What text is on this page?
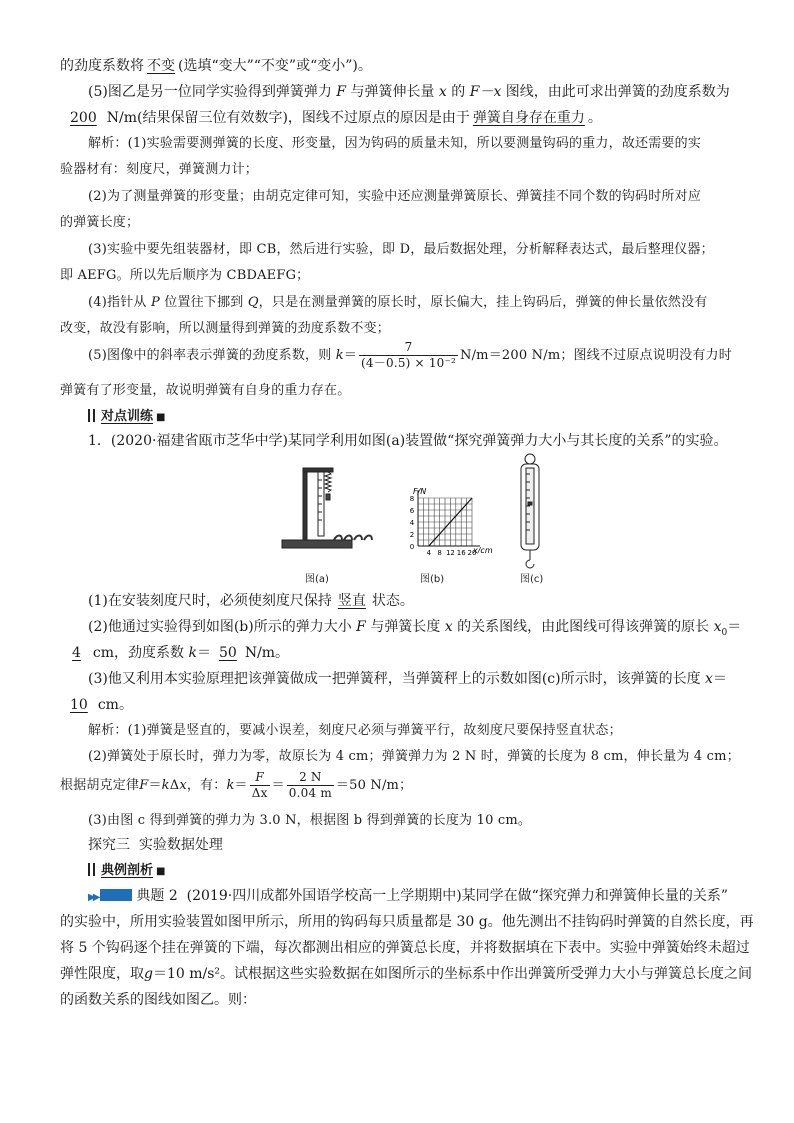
的劲度系数将 不变 (选填“变大”“不变”或“变小”)。
(5)图乙是另一位同学实验得到弹簧弹力 F 与弹簧伸长量 x 的 F－x 图线，由此可求出弹簧的劲度系数为
200 N/m(结果保留三位有效数字)，图线不过原点的原因是由于 弹簧自身存在重力 。
解析：(1)实验需要测弹簧的长度、形变量，因为钩码的质量未知，所以要测量钩码的重力，故还需要的实
验器材有：刻度尺，弹簧测力计；
(2)为了测量弹簧的形变量；由胡克定律可知，实验中还应测量弹簧原长、弹簧挂不同个数的钩码时所对应
的弹簧长度；
(3)实验中要先组装器材，即 CB，然后进行实验，即 D，最后数据处理，分析解释表达式，最后整理仪器；
即 AEFG。所以先后顺序为 CBDAEFG；
(4)指针从 P 位置往下挪到 Q，只是在测量弹簧的原长时，原长偏大，挂上钩码后，弹簧的伸长量依然没有
改变，故没有影响，所以测量得到弹簧的劲度系数不变；
(5)图像中的斜率表示弹簧的劲度系数，则 $k= \frac{7}{\text{(4－0.5) × 10⁻²}} N/m=200$ N/m；图线不过原点说明没有力时
弹簧有了形变量，故说明弹簧有自身的重力存在。
对点训练 ■
1．(2020·福建省瓯市芝华中学)某同学利用如图(a)装置做“探究弹簧弹力大小与其长度的关系”的实验。
0
2
4
6
8
4 8 12 16 20
F/N
x/cm
图(a)	图(b)	图(c)
(1)在安装刻度尺时，必须使刻度尺保持 竖直 状态。
(2)他通过实验得到如图(b)所示的弹力大小 F 与弹簧长度 x 的关系图线，由此图线可得该弹簧的原长 $x_0=$
4 cm，劲度系数 k＝ 50 N/m。
(3)他又利用本实验原理把该弹簧做成一把弹簧秤，当弹簧秤上的示数如图(c)所示时，该弹簧的长度 x＝
10 cm。
解析：(1)弹簧是竖直的，要减小误差，刻度尺必须与弹簧平行，故刻度尺要保持竖直状态；
(2)弹簧处于原长时，弹力为零，故原长为 4 cm；弹簧弹力为 2 N 时，弹簧的长度为 8 cm，伸长量为 4 cm；
根据胡克定律F＝kΔx，有：$k= \frac{F}{\Delta x} = \frac{2 N}{0.04 m} =50$ N/m；
(3)由图 c 得到弹簧的弹力为 3.0 N，根据图 b 得到弹簧的长度为 10 cm。
探究三 实验数据处理
典例剖析 ■
▶▶	典题 2 (2019·四川成都外国语学校高一上学期期中)某同学在做“探究弹力和弹簧伸长量的关系”
的实验中，所用实验装置如图甲所示，所用的钩码每只质量都是 30 g。他先测出不挂钩码时弹簧的自然长度，再
将 5 个钩码逐个挂在弹簧的下端，每次都测出相应的弹簧总长度，并将数据填在下表中。实验中弹簧始终未超过
弹性限度，取g＝10 m/s²。试根据这些实验数据在如图所示的坐标系中作出弹簧所受弹力大小与弹簧总长度之间
的函数关系的图线如图乙。则：
